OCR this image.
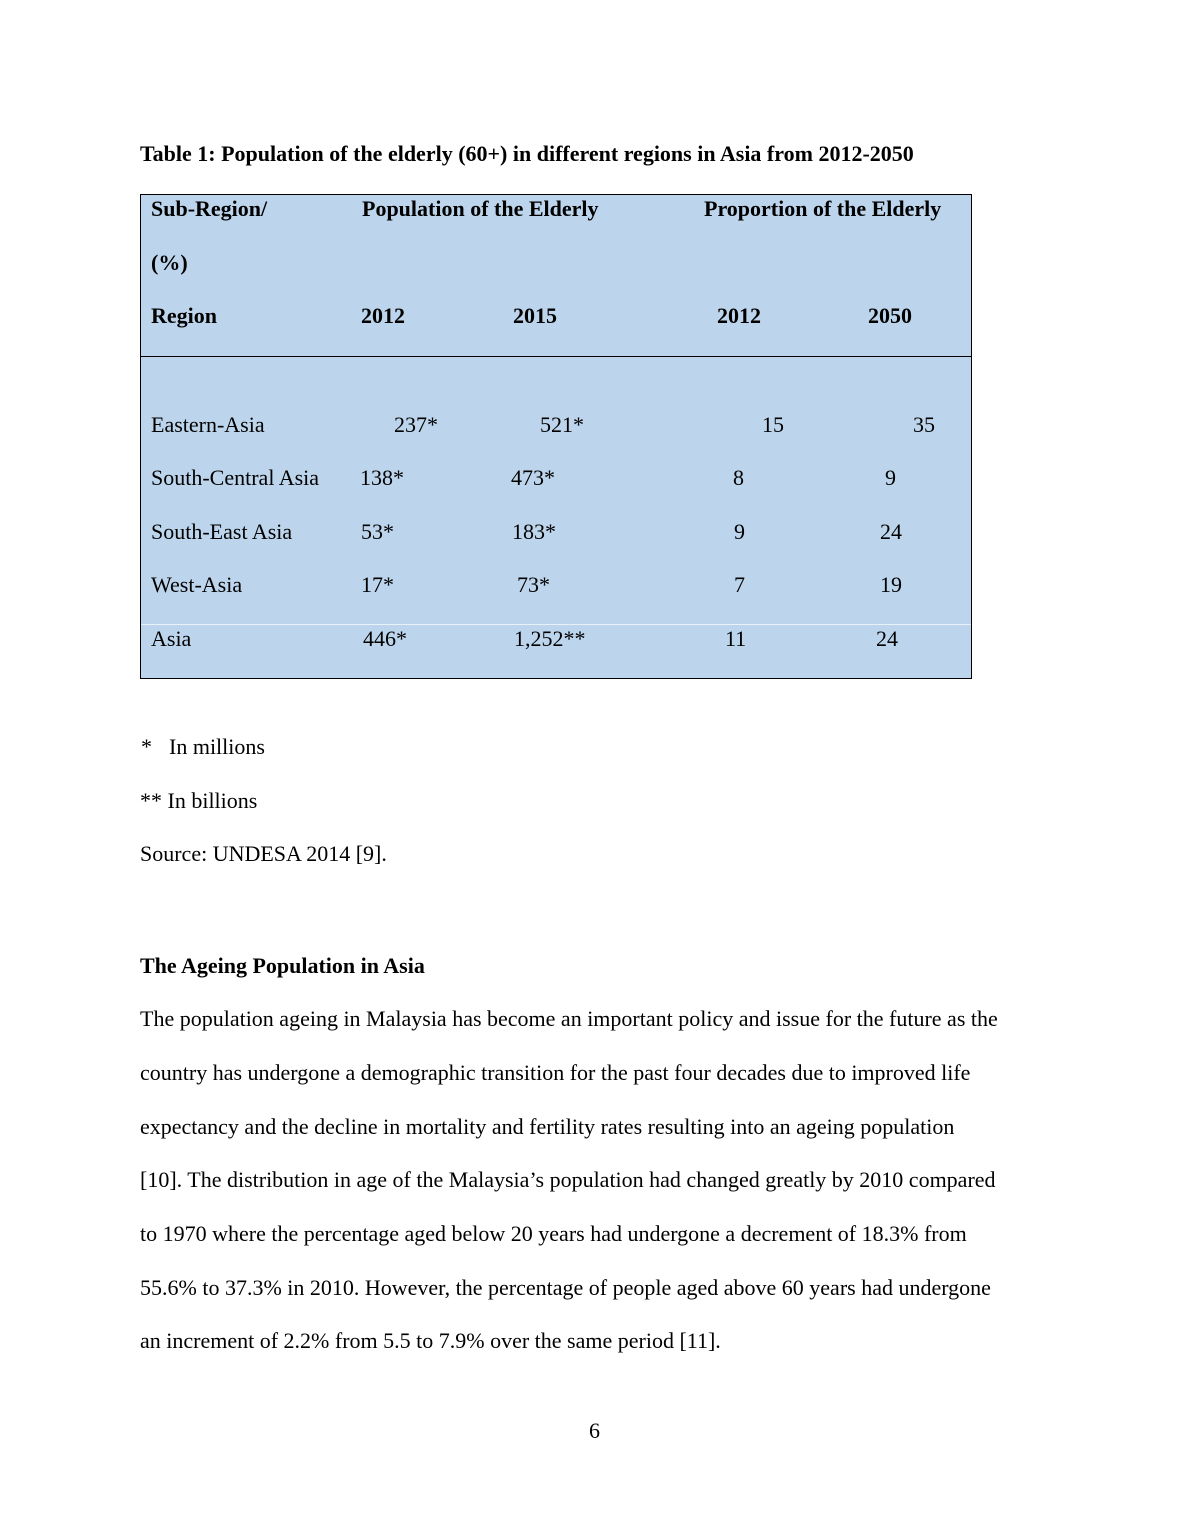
Table 1: Population of the elderly (60+) in different regions in Asia from 2012-2050
Sub-Region/
(%)
Region
Population of the Elderly	Proportion of the Elderly
2012	2015	2012	2050
Eastern-Asia	237*	521*	15	35
South-Central Asia 138*	473*	8	9
South-East Asia	53*	183*	9	24
West-Asia	17*	73*	7	19
Asia	446*	1,252**	11	24
* In millions
** In billions
Source: UNDESA 2014 [9].
The Ageing Population in Asia
The population ageing in Malaysia has become an important policy and issue for the future as the
country has undergone a demographic transition for the past four decades due to improved life
expectancy and the decline in mortality and fertility rates resulting into an ageing population
[10]. The distribution in age of the Malaysia’s population had changed greatly by 2010 compared
to 1970 where the percentage aged below 20 years had undergone a decrement of 18.3% from
55.6% to 37.3% in 2010. However, the percentage of people aged above 60 years had undergone
an increment of 2.2% from 5.5 to 7.9% over the same period [11].
6
